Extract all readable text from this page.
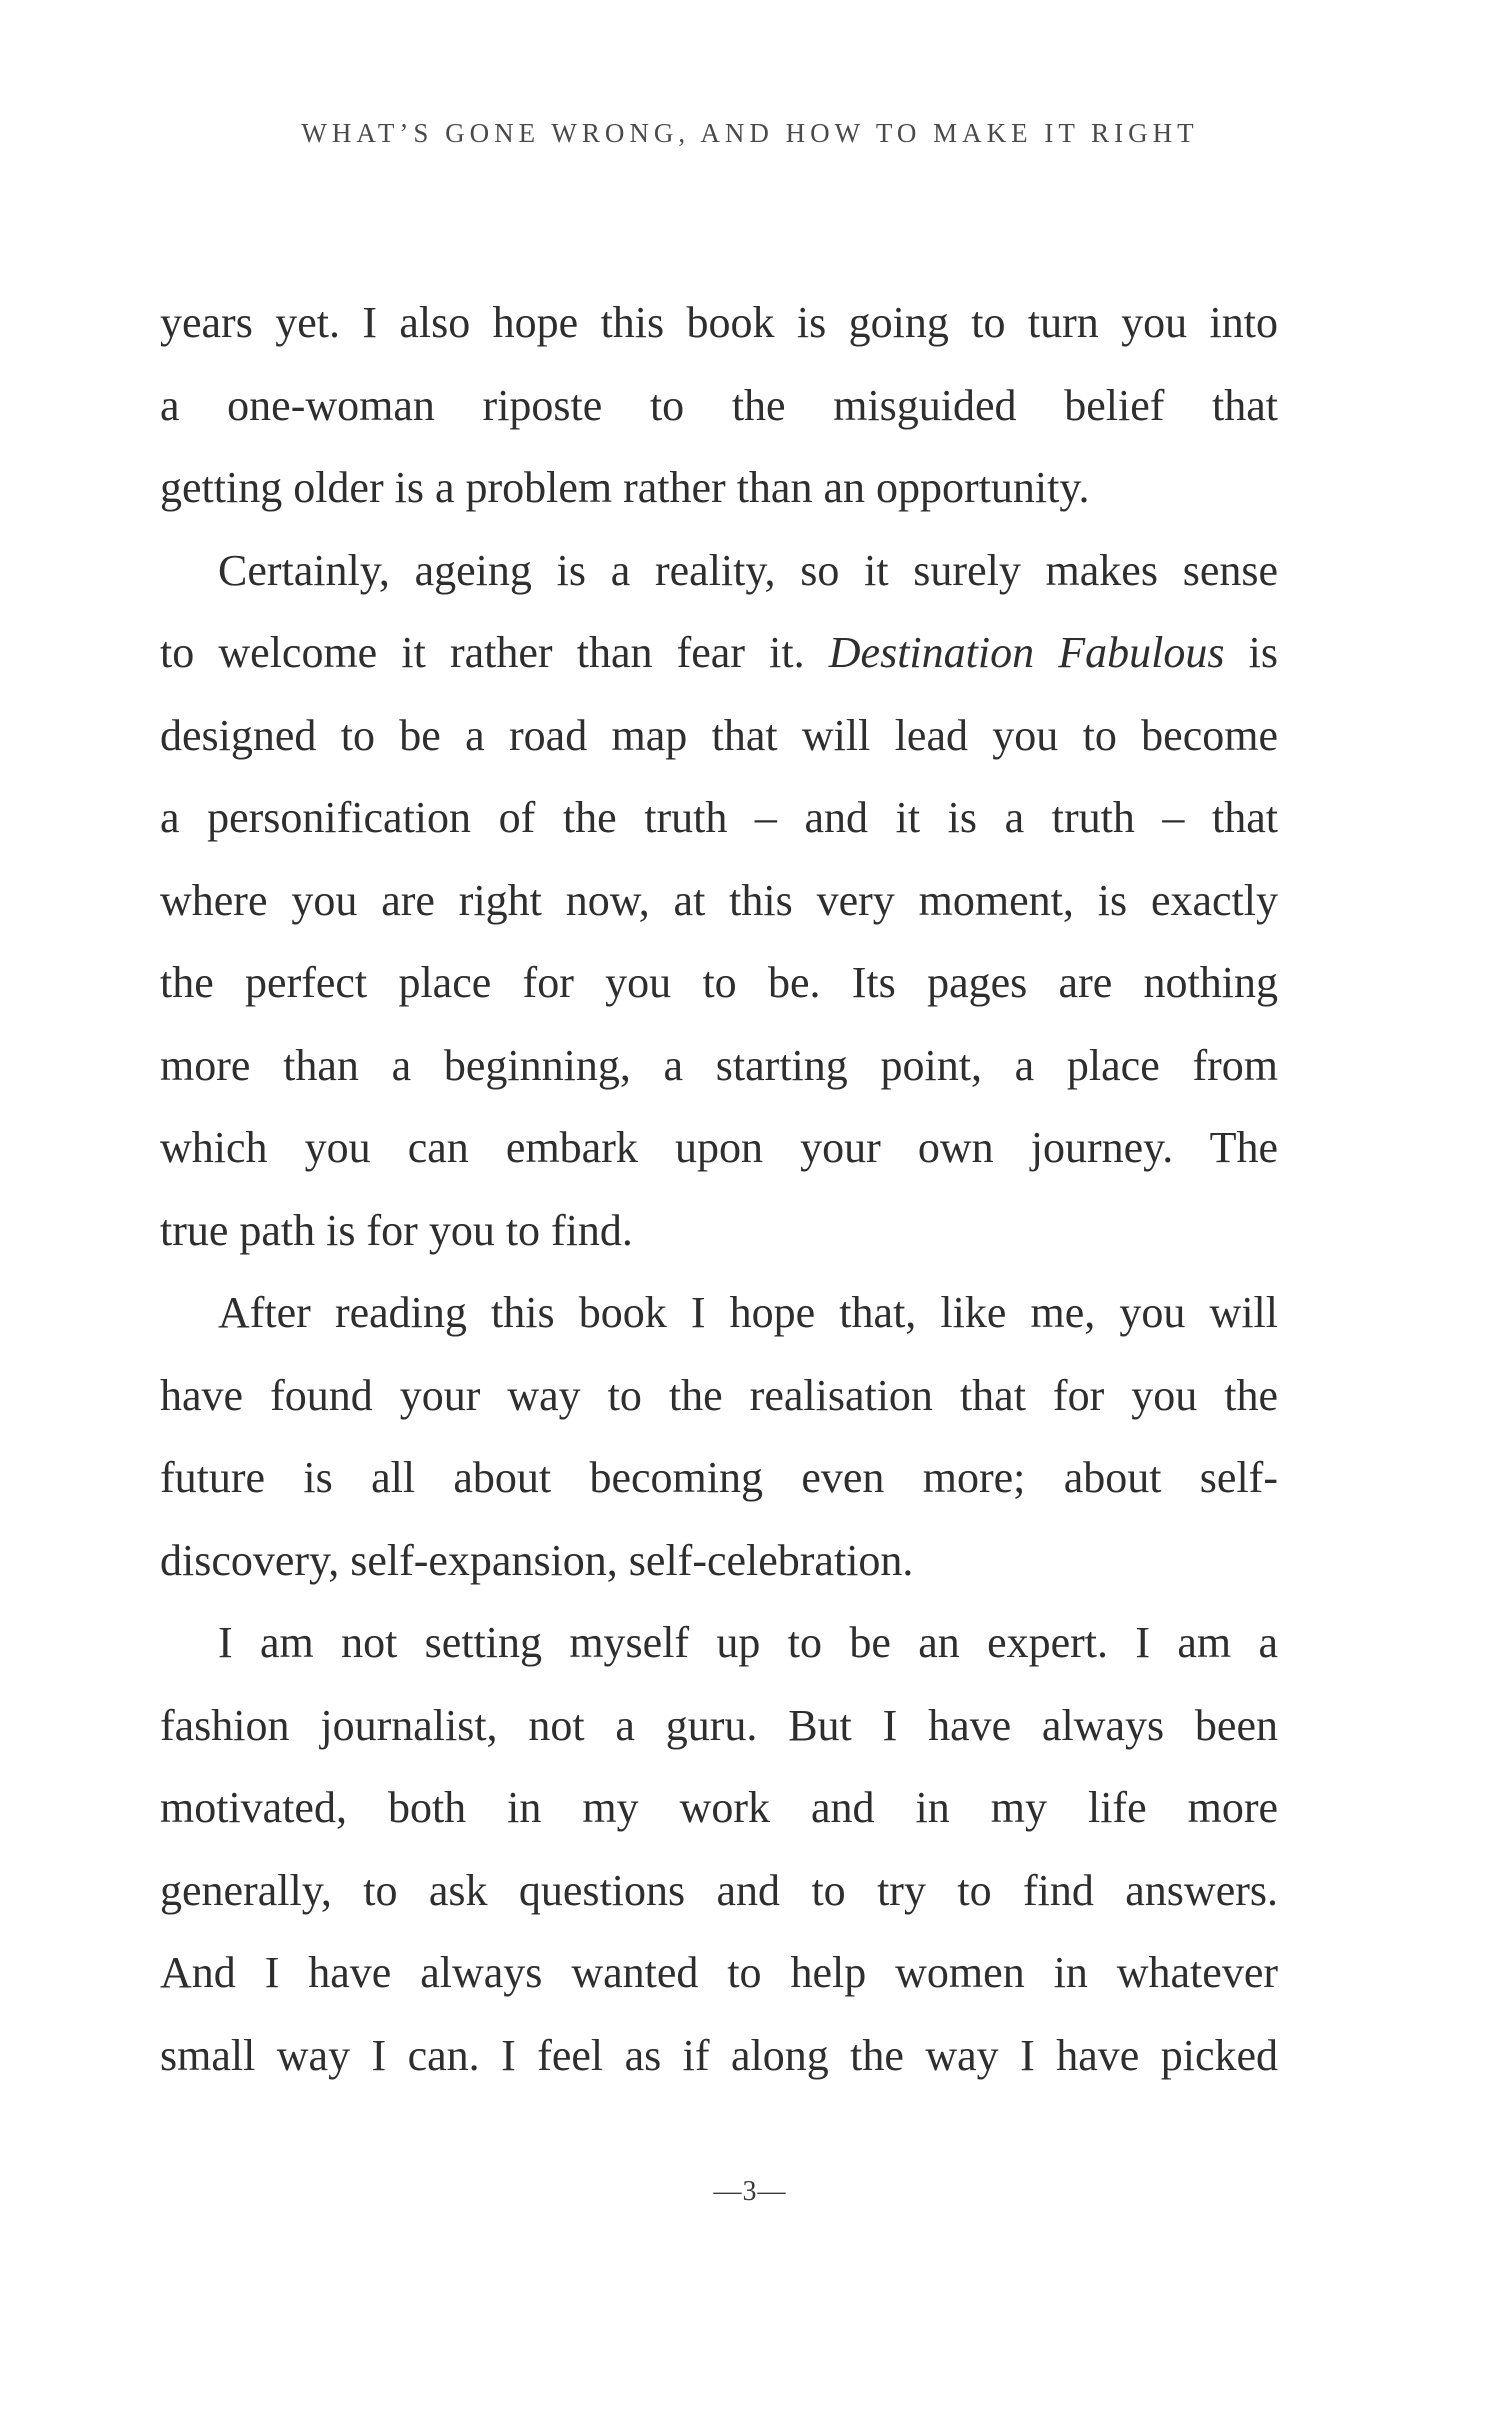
WHAT’S GONE WRONG, AND HOW TO MAKE IT RIGHT
years yet. I also hope this book is going to turn you into
a one-woman riposte to the misguided belief that
getting older is a problem rather than an opportunity.
Certainly, ageing is a reality, so it surely makes sense
to welcome it rather than fear it. Destination Fabulous is
designed to be a road map that will lead you to become
a personification of the truth – and it is a truth – that
where you are right now, at this very moment, is exactly
the perfect place for you to be. Its pages are nothing
more than a beginning, a starting point, a place from
which you can embark upon your own journey. The
true path is for you to find.
After reading this book I hope that, like me, you will
have found your way to the realisation that for you the
future is all about becoming even more; about self-
discovery, self-expansion, self-celebration.
I am not setting myself up to be an expert. I am a
fashion journalist, not a guru. But I have always been
motivated, both in my work and in my life more
generally, to ask questions and to try to find answers.
And I have always wanted to help women in whatever
small way I can. I feel as if along the way I have picked
—3—
